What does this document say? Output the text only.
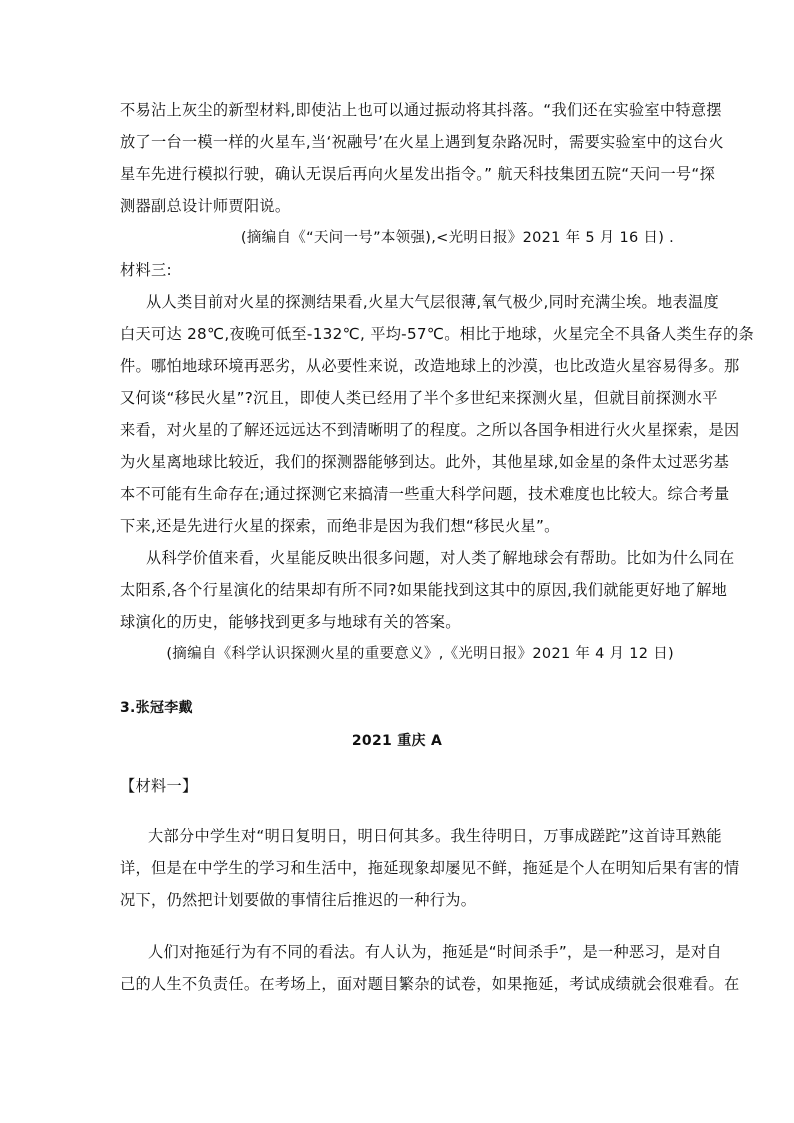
不易沾上灰尘的新型材料,即使沾上也可以通过振动将其抖落。“我们还在实验室中特意摆
放了一台一模一样的火星车,当‘祝融号’在火星上遇到复杂路况时，需要实验室中的这台火
星车先进行模拟行驶，确认无误后再向火星发出指令。” 航天科技集团五院“天问一号“探
测器副总设计师贾阳说。
(摘编自《“天问一号”本领强),<光明日报》2021 年 5 月 16 日) .
材料三:
从人类目前对火星的探测结果看,火星大气层很薄,氧气极少,同时充满尘埃。地表温度
白天可达 28℃,夜晚可低至-132℃, 平均-57℃。相比于地球，火星完全不具备人类生存的条
件。哪怕地球环境再恶劣，从必要性来说，改造地球上的沙漠，也比改造火星容易得多。那
又何谈“移民火星”?沉且，即使人类已经用了半个多世纪来探测火星，但就目前探测水平
来看，对火星的了解还远远达不到清晰明了的程度。之所以各国争相进行火火星探索，是因
为火星离地球比较近，我们的探测器能够到达。此外，其他星球,如金星的条件太过恶劣基
本不可能有生命存在;通过探测它来搞清一些重大科学问题，技术难度也比较大。综合考量
下来,还是先进行火星的探索，而绝非是因为我们想“移民火星”。
从科学价值来看，火星能反映出很多问题，对人类了解地球会有帮助。比如为什么同在
太阳系,各个行星演化的结果却有所不同?如果能找到这其中的原因,我们就能更好地了解地
球演化的历史，能够找到更多与地球有关的答案。
(摘编自《科学认识探测火星的重要意义》,《光明日报》2021 年 4 月 12 日)
3.张冠李戴
2021 重庆 A
【材料一】
大部分中学生对“明日复明日，明日何其多。我生待明日，万事成蹉跎”这首诗耳熟能
详，但是在中学生的学习和生活中，拖延现象却屡见不鲜，拖延是个人在明知后果有害的情
况下，仍然把计划要做的事情往后推迟的一种行为。
人们对拖延行为有不同的看法。有人认为，拖延是“时间杀手”，是一种恶习，是对自
己的人生不负责任。在考场上，面对题目繁杂的试卷，如果拖延，考试成绩就会很难看。在
